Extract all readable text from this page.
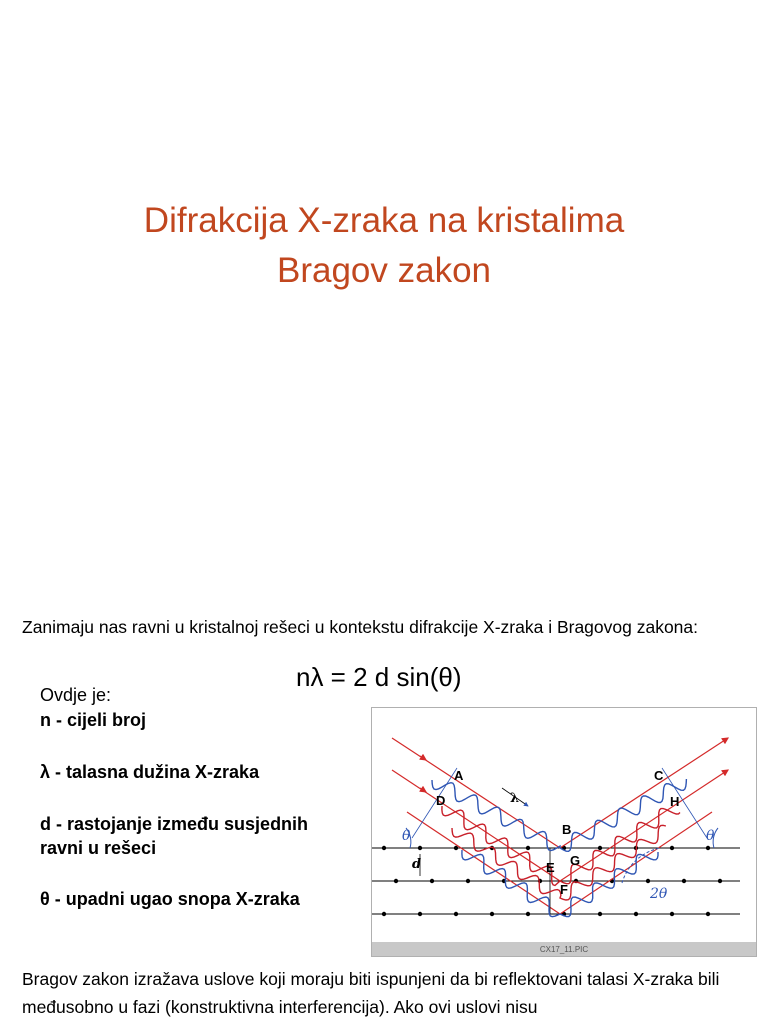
Difrakcija X-zraka na kristalima
Bragov zakon
Zanimaju nas ravni u kristalnoj rešeci u kontekstu difrakcije X-zraka i Bragovog zakona:
nλ = 2 d sin(θ)
Ovdje je:
n - cijeli broj
λ - talasna dužina X-zraka
d - rastojanje između susjednih ravni u rešeci
θ - upadni ugao snopa X-zraka
A
B
C
D
E
F
G
H
λ
d
θ	θ
2θ
CX17_11.PIC
Bragov zakon izražava uslove koji moraju biti ispunjeni da bi reflektovani talasi X-zraka bili međusobno u fazi (konstruktivna interferencija). Ako ovi uslovi nisu
